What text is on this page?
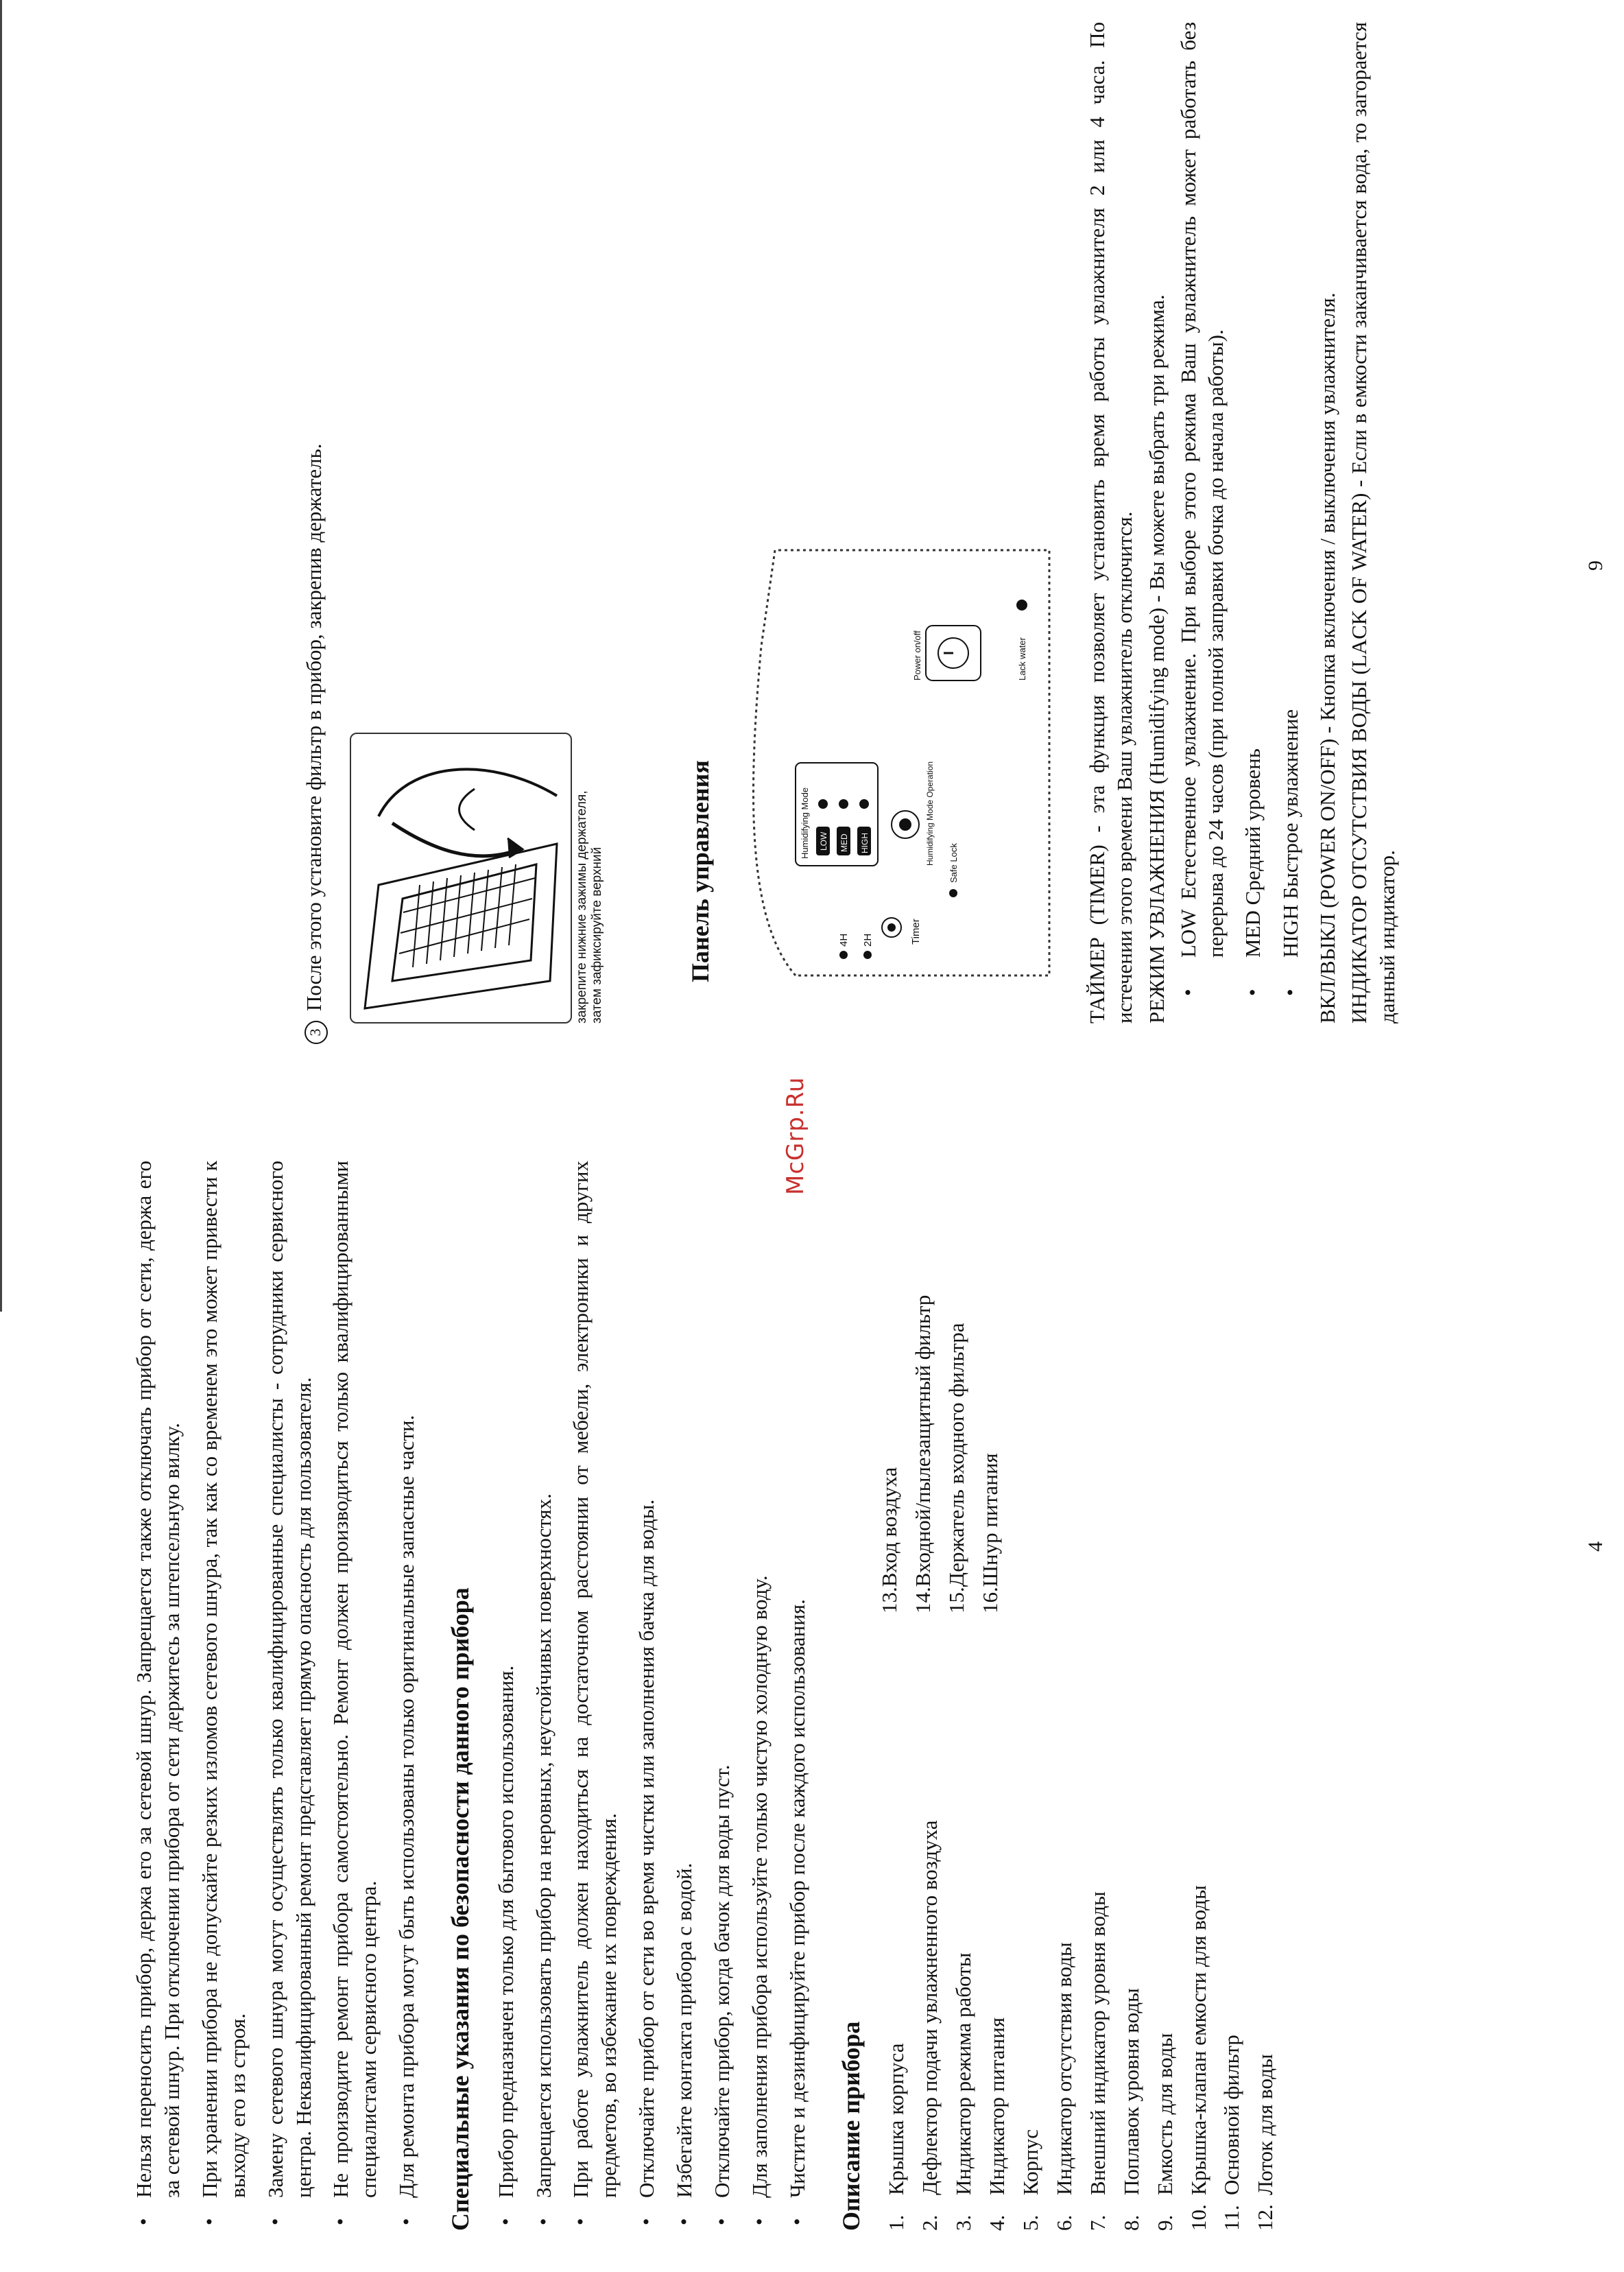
• Нельзя переносить прибор, держа его за сетевой шнур. Запрещается также отключать прибор от сети, держа его за сетевой шнур. При отключении прибора от сети держитесь за штепсельную вилку. • При хранении прибора не допускайте резких изломов сетевого шнура, так как со временем это может привести к выходу его из строя. • Замену сетевого шнура могут осуществлять только квалифицированные специалисты - сотрудники сервисного центра. Неквалифицированный ремонт представляет прямую опасность для пользователя. • Не производите ремонт прибора самостоятельно. Ремонт должен производиться только квалифицированными специалистами сервисного центра. • Для ремонта прибора могут быть использованы только оригинальные запасные части. Специальные указания по безопасности данного прибора • Прибор предназначен только для бытового использования. • Запрещается использовать прибор на неровных, неустойчивых поверхностях. • При работе увлажнитель должен находиться на достаточном расстоянии от мебели, электроники и других предметов, во избежание их повреждения. • Отключайте прибор от сети во время чистки или заполнения бачка для воды. • Избегайте контакта прибора с водой. • Отключайте прибор, когда бачок для воды пуст. • Для заполнения прибора используйте только чистую холодную воду. • Чистите и дезинфицируйте прибор после каждого использования. Описание прибора 1.Крышка корпуса
2.Дефлектор подачи увлажненного воздуха
3.Индикатор режима работы
4.Индикатор питания
5.Корпус
6.Индикатор отсутствия воды
7.Внешний индикатор уровня воды
8.Поплавок уровня воды
9.Емкость для воды
10.Крышка-клапан емкости для воды
11.Основной фильтр
12.Лоток для воды
13.Вход воздуха
14.Входной/пылезащитный фильтр
15.Держатель входного фильтра
16.Шнур питания	4
McGrp.Ru
3После этого установите фильтр в прибор, закрепив держатель.	закрепите нижние зажимы держателя, затем зафиксируйте верхний	Панель управления	Timer
4H 2H
Humidifying Mode LOW MED HIGH	Humidifying Mode Operation Safe Lock
Power on/off	Lack water	ТАЙМЕР (TIMER) - эта функция позволяет установить время работы увлажнителя 2 или 4 часа. По истечении этого времени Ваш увлажнитель отключится. РЕЖИМ УВЛАЖНЕНИЯ (Humidifying mode) - Вы можете выбрать три режима. • LOW Естественное увлажнение. При выборе этого режима Ваш увлажнитель может работать без перерыва до 24 часов (при полной заправки бочка до начала работы). • MED Средний уровень • HIGH Быстрое увлажнение ВКЛ/ВЫКЛ (POWER ON/OFF) - Кнопка включения / выключения увлажнителя. ИНДИКАТОР ОТСУТСТВИЯ ВОДЫ (LACK OF WATER) - Если в емкости заканчивается вода, то загорается данный индикатор.

9
